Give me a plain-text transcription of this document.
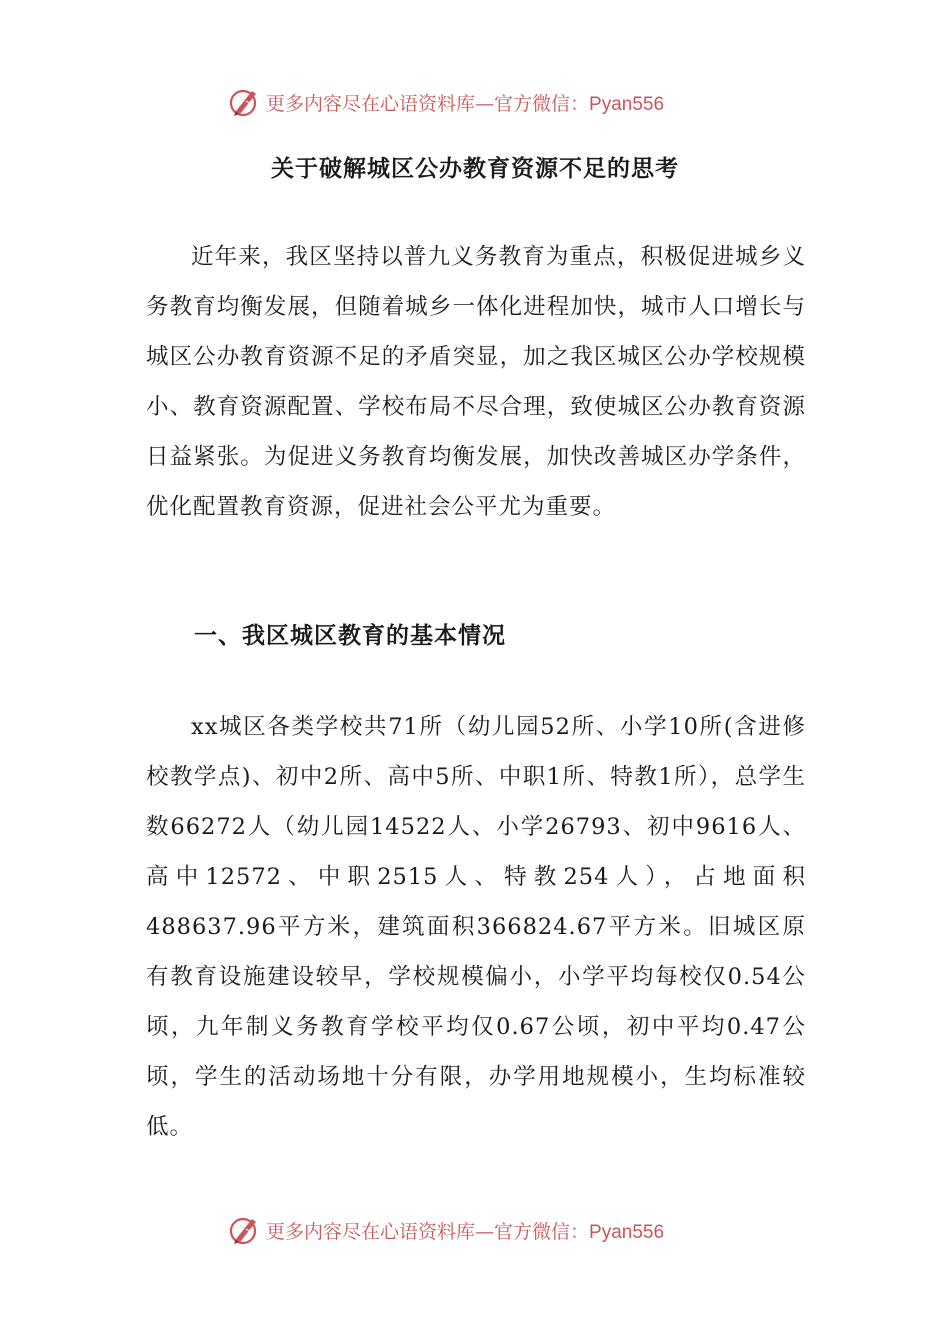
更多内容尽在心语资料库—官方微信：Pyan556
关于破解城区公办教育资源不足的思考

近年来，我区坚持以普九义务教育为重点，积极促进城乡义务教育均衡发展，但随着城乡一体化进程加快，城市人口增长与城区公办教育资源不足的矛盾突显，加之我区城区公办学校规模小、教育资源配置、学校布局不尽合理，致使城区公办教育资源日益紧张。为促进义务教育均衡发展，加快改善城区办学条件，优化配置教育资源，促进社会公平尤为重要。

一、我区城区教育的基本情况

xx城区各类学校共71所（幼儿园52所、小学10所(含进修校教学点)、初中2所、高中5所、中职1所、特教1所），总学生数66272人（幼儿园14522人、小学26793、初中9616人、高中12572、中职2515人、特教254人），占地面积488637.96平方米，建筑面积366824.67平方米。旧城区原有教育设施建设较早，学校规模偏小，小学平均每校仅0.54公顷，九年制义务教育学校平均仅0.67公顷，初中平均0.47公顷，学生的活动场地十分有限，办学用地规模小，生均标准较低。

更多内容尽在心语资料库—官方微信：Pyan556
